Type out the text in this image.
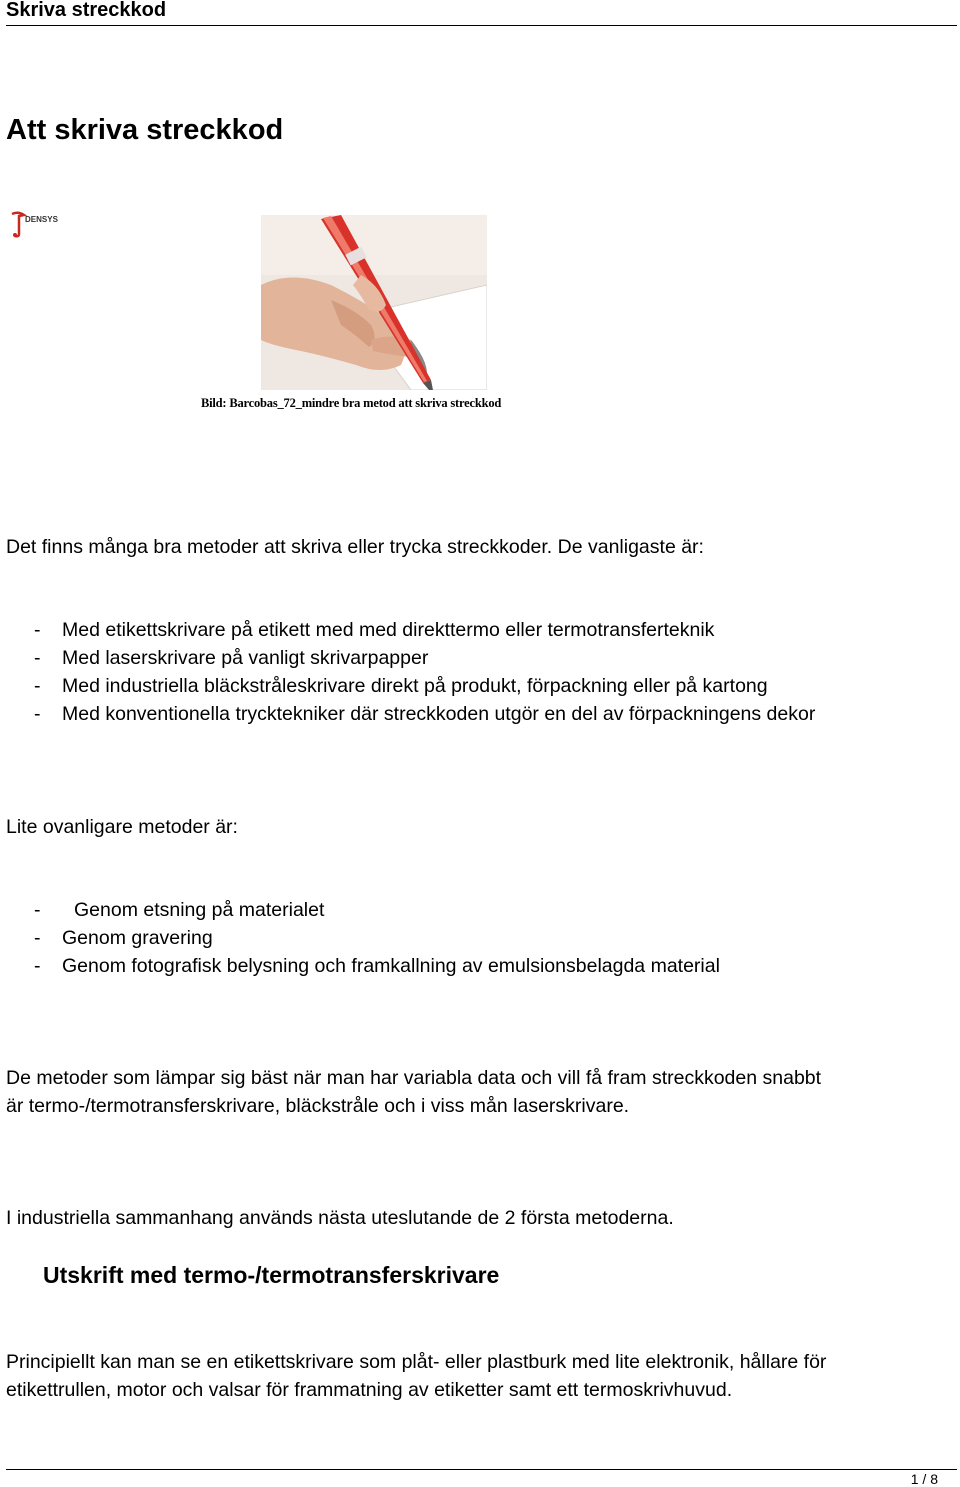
Skriva streckkod
Att skriva streckkod
DENSYS
Bild: Barcobas_72_mindre bra metod att skriva streckkod

Det finns många bra metoder att skriva eller trycka streckkoder. De vanligaste är:

-	Med etikettskrivare på etikett med med direkttermo eller termotransferteknik
-	Med laserskrivare på vanligt skrivarpapper
-	Med industriella bläckstråleskrivare direkt på produkt, förpackning eller på kartong
-	Med konventionella trycktekniker där streckkoden utgör en del av förpackningens dekor

Lite ovanligare metoder är:

-	Genom etsning på materialet
-	Genom gravering
-	Genom fotografisk belysning och framkallning av emulsionsbelagda material

De metoder som lämpar sig bäst när man har variabla data och vill få fram streckkoden snabbt

är termo-/termotransferskrivare, bläckstråle och i viss mån laserskrivare.

I industriella sammanhang används nästa uteslutande de 2 första metoderna.

Utskrift med termo-/termotransferskrivare

Principiellt kan man se en etikettskrivare som plåt- eller plastburk med lite elektronik, hållare för

etikettrullen, motor och valsar för frammatning av etiketter samt ett termoskrivhuvud.

1 / 8
